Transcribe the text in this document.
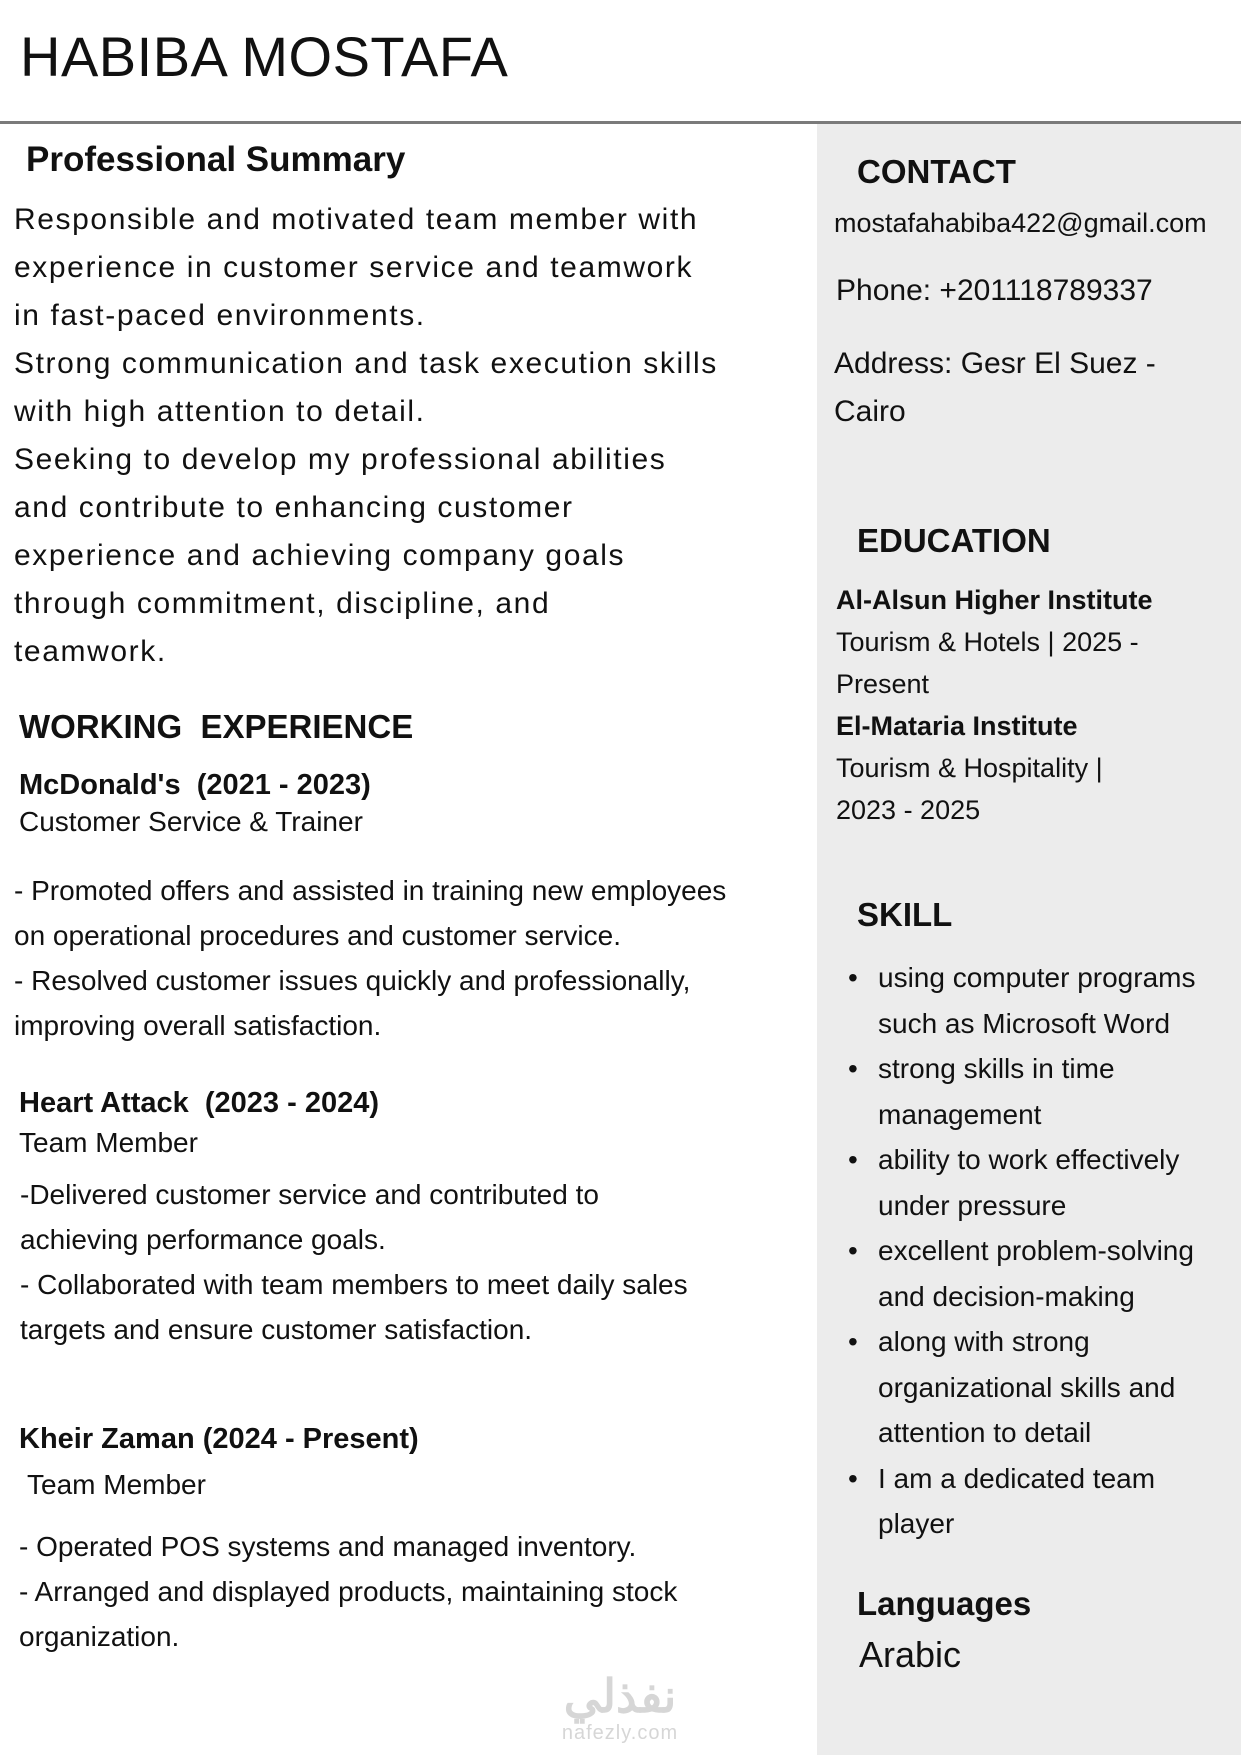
HABIBA MOSTAFA
Professional Summary

Responsible and motivated team member with

experience in customer service and teamwork

in fast-paced environments.

Strong communication and task execution skills

with high attention to detail.

Seeking to develop my professional abilities

and contribute to enhancing customer

experience and achieving company goals

through commitment, discipline, and

teamwork.

WORKING  EXPERIENCE
McDonald's  (2021 - 2023)
Customer Service & Trainer

- Promoted offers and assisted in training new employees

on operational procedures and customer service.

- Resolved customer issues quickly and professionally,

improving overall satisfaction.

Heart Attack  (2023 - 2024)
Team Member

-Delivered customer service and contributed to

achieving performance goals.

- Collaborated with team members to meet daily sales

targets and ensure customer satisfaction.

Kheir Zaman (2024 - Present)
Team Member

- Operated POS systems and managed inventory.

- Arranged and displayed products, maintaining stock

organization.

CONTACT
mostafahabiba422@gmail.com
Phone: +201118789337
Address: Gesr El Suez -
Cairo
EDUCATION
Al-Alsun Higher Institute
Tourism & Hotels | 2025 -
Present
El-Mataria Institute
Tourism & Hospitality |
2023 - 2025
SKILL
• using computer programs
such as Microsoft Word
• strong skills in time
management
• ability to work effectively
under pressure
• excellent problem-solving
and decision-making
• along with strong
organizational skills and
attention to detail
• I am a dedicated team
player
Languages
Arabic
نفذلي
nafezly.com
